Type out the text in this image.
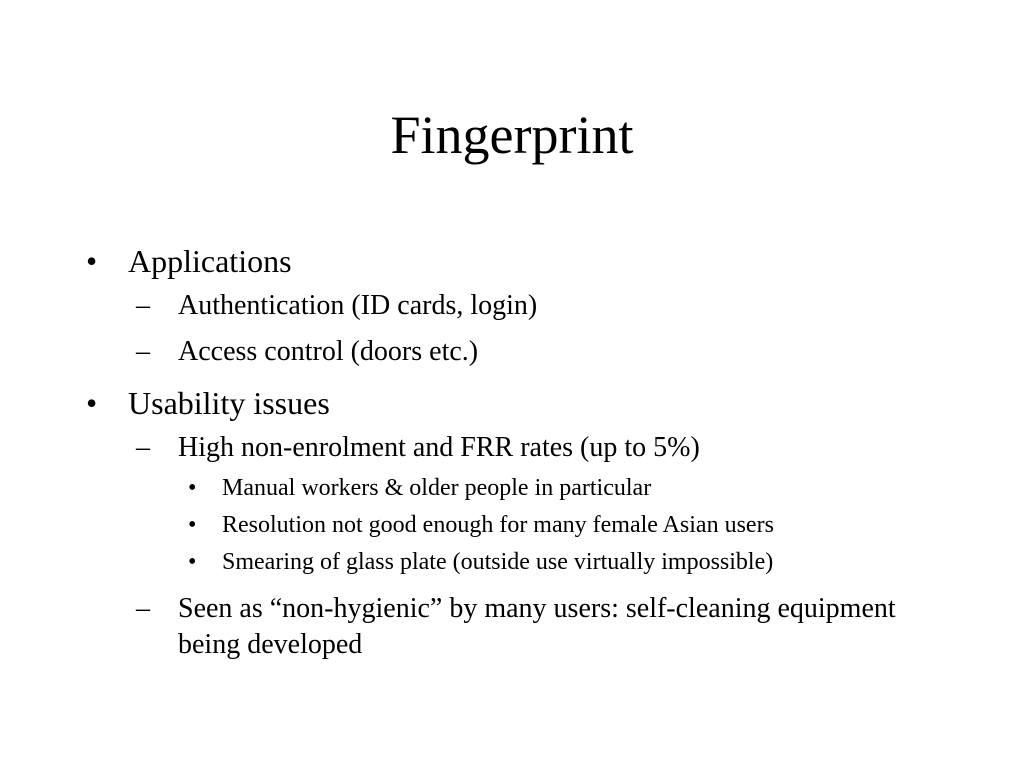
Fingerprint
• Applications
–	Authentication (ID cards, login)
–	Access control (doors etc.)
• Usability issues
–	High non-enrolment and FRR rates (up to 5%)
•	Manual workers & older people in particular
•	Resolution not good enough for many female Asian users
•	Smearing of glass plate (outside use virtually impossible)
–	Seen as “non-hygienic” by many users: self-cleaning equipment being developed
